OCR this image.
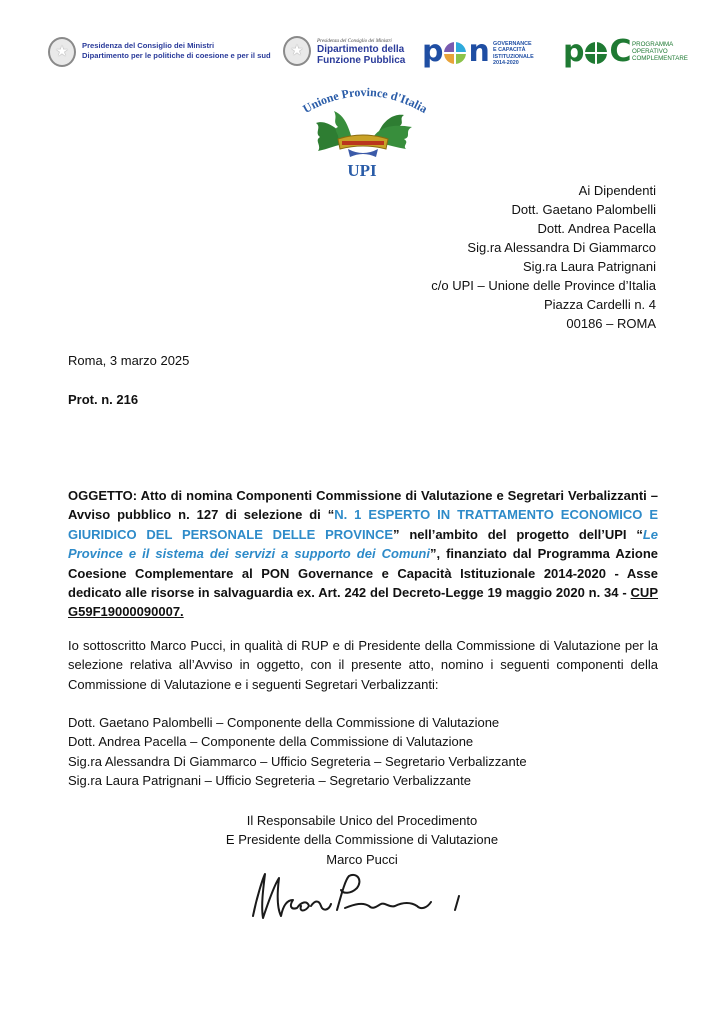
★
Presidenza del Consiglio dei Ministri
Dipartimento per le politiche di coesione e per il sud
★
Presidenza del Consiglio dei Ministri
Dipartimento della
Funzione Pubblica p n GOVERNANCE
E CAPACITÀ
ISTITUZIONALE
2014-2020	p C PROGRAMMA
OPERATIVO
COMPLEMENTARE
Unione Province d'Italia
UPI
Ai Dipendenti
Dott. Gaetano Palombelli
Dott. Andrea Pacella
Sig.ra Alessandra Di Giammarco
Sig.ra Laura Patrignani
c/o UPI – Unione delle Province d’Italia
Piazza Cardelli n. 4
00186 – ROMA
Roma, 3 marzo 2025
Prot. n. 216
OGGETTO: Atto di nomina Componenti Commissione di Valutazione e Segretari Verbalizzanti – Avviso pubblico n. 127 di selezione di “N. 1 ESPERTO IN TRATTAMENTO ECONOMICO E GIURIDICO DEL PERSONALE DELLE PROVINCE” nell’ambito del progetto dell’UPI “Le Province e il sistema dei servizi a supporto dei Comuni”, finanziato dal Programma Azione Coesione Complementare al PON Governance e Capacità Istituzionale 2014-2020 - Asse dedicato alle risorse in salvaguardia ex. Art. 242 del Decreto-Legge 19 maggio 2020 n. 34 - CUP G59F19000090007.
Io sottoscritto Marco Pucci, in qualità di RUP e di Presidente della Commissione di Valutazione per la selezione relativa all’Avviso in oggetto, con il presente atto, nomino i seguenti componenti della Commissione di Valutazione e i seguenti Segretari Verbalizzanti:
Dott. Gaetano Palombelli – Componente della Commissione di Valutazione
Dott. Andrea Pacella – Componente della Commissione di Valutazione
Sig.ra Alessandra Di Giammarco – Ufficio Segreteria – Segretario Verbalizzante
Sig.ra Laura Patrignani – Ufficio Segreteria – Segretario Verbalizzante
Il Responsabile Unico del Procedimento
E Presidente della Commissione di Valutazione
Marco Pucci
